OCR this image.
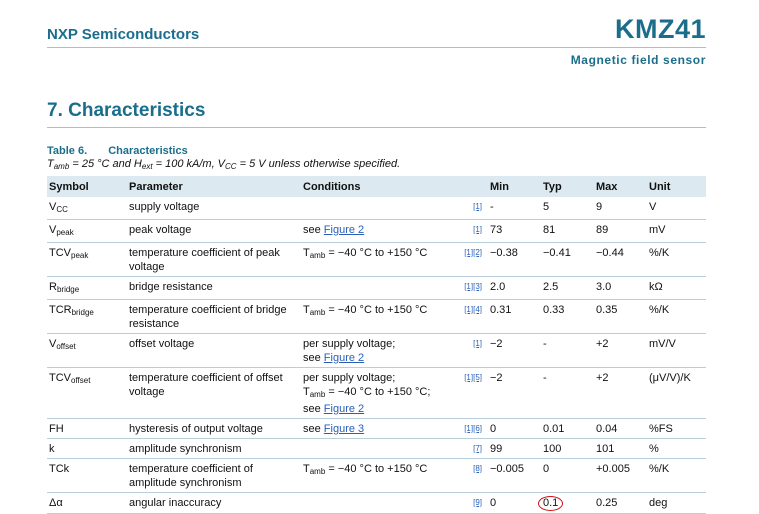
NXP Semiconductors	KMZ41
Magnetic field sensor
7. Characteristics
Table 6. Characteristics
$T_{amb} = 25$ °C and $H_{ext} = 100$ kA/m, $V_{CC} = 5$ V unless otherwise specified.
Symbol	Parameter	Conditions		Min	Typ	Max	Unit
$V_{CC}$	supply voltage		[1]	-	5	9	V
$V_{peak}$	peak voltage	see Figure 2	[1]	73	81	89	mV
$TCV_{peak}$	temperature coefficient of peak voltage	$T_{amb} = -40$ °C to +150 °C	[1][2]	−0.38	−0.41	−0.44	%/K
$R_{bridge}$	bridge resistance		[1][3]	2.0	2.5	3.0	kΩ
$TCR_{bridge}$	temperature coefficient of bridge resistance	$T_{amb} = -40$ °C to +150 °C	[1][4]	0.31	0.33	0.35	%/K
$V_{offset}$	offset voltage	per supply voltage;
see Figure 2	[1]	−2	-	+2	mV/V
$TCV_{offset}$	temperature coefficient of offset voltage	per supply voltage;
$T_{amb} = -40$ °C to +150 °C;
see Figure 2	[1][5]	−2	-	+2	(μV/V)/K
FH	hysteresis of output voltage	see Figure 3	[1][6]	0	0.01	0.04	%FS
k	amplitude synchronism		[7]	99	100	101	%
TCk	temperature coefficient of amplitude synchronism	$T_{amb} = -40$ °C to +150 °C	[8]	−0.005	0	+0.005	%/K
Δα	angular inaccuracy		[9]	0	0.1	0.25	deg
